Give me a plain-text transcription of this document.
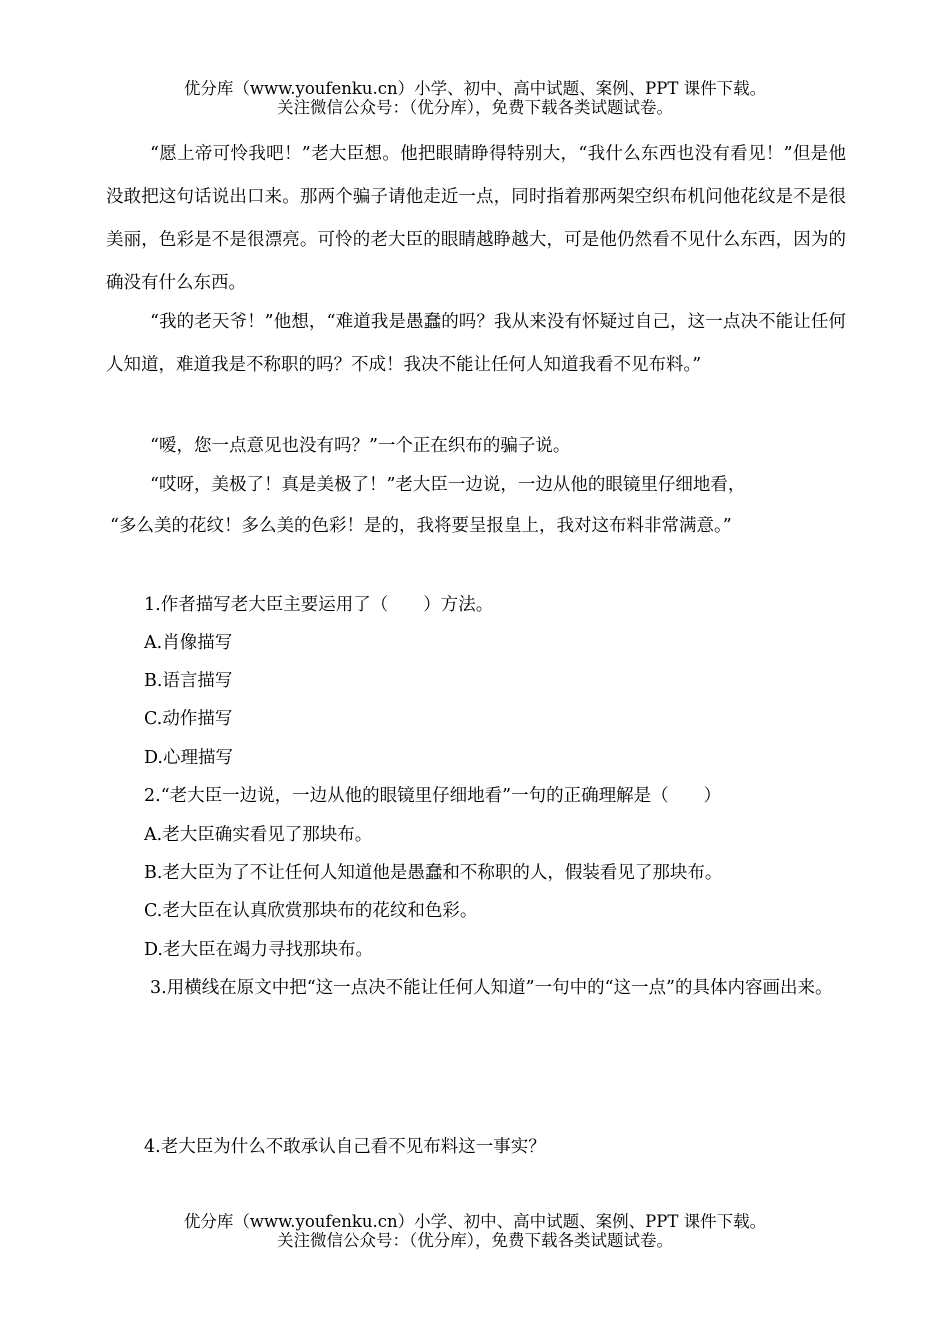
优分库（www.youfenku.cn）小学、初中、高中试题、案例、PPT 课件下载。
关注微信公众号：（优分库），免费下载各类试题试卷。
“愿上帝可怜我吧！”老大臣想。他把眼睛睁得特别大，“我什么东西也没有看见！”但是他没敢把这句话说出口来。那两个骗子请他走近一点，同时指着那两架空织布机问他花纹是不是很美丽，色彩是不是很漂亮。可怜的老大臣的眼睛越睁越大，可是他仍然看不见什么东西，因为的确没有什么东西。
“我的老天爷！”他想，“难道我是愚蠢的吗？我从来没有怀疑过自己，这一点决不能让任何人知道，难道我是不称职的吗？不成！我决不能让任何人知道我看不见布料。”
“嗳，您一点意见也没有吗？”一个正在织布的骗子说。
“哎呀，美极了！真是美极了！”老大臣一边说，一边从他的眼镜里仔细地看，
“多么美的花纹！多么美的色彩！是的，我将要呈报皇上，我对这布料非常满意。”
1.作者描写老大臣主要运用了（　　）方法。
A.肖像描写
B.语言描写
C.动作描写
D.心理描写
2.“老大臣一边说，一边从他的眼镜里仔细地看”一句的正确理解是（　　）
A.老大臣确实看见了那块布。
B.老大臣为了不让任何人知道他是愚蠢和不称职的人，假装看见了那块布。
C.老大臣在认真欣赏那块布的花纹和色彩。
D.老大臣在竭力寻找那块布。
3.用横线在原文中把“这一点决不能让任何人知道”一句中的“这一点”的具体内容画出来。
4.老大臣为什么不敢承认自己看不见布料这一事实？
优分库（www.youfenku.cn）小学、初中、高中试题、案例、PPT 课件下载。
关注微信公众号：（优分库），免费下载各类试题试卷。
